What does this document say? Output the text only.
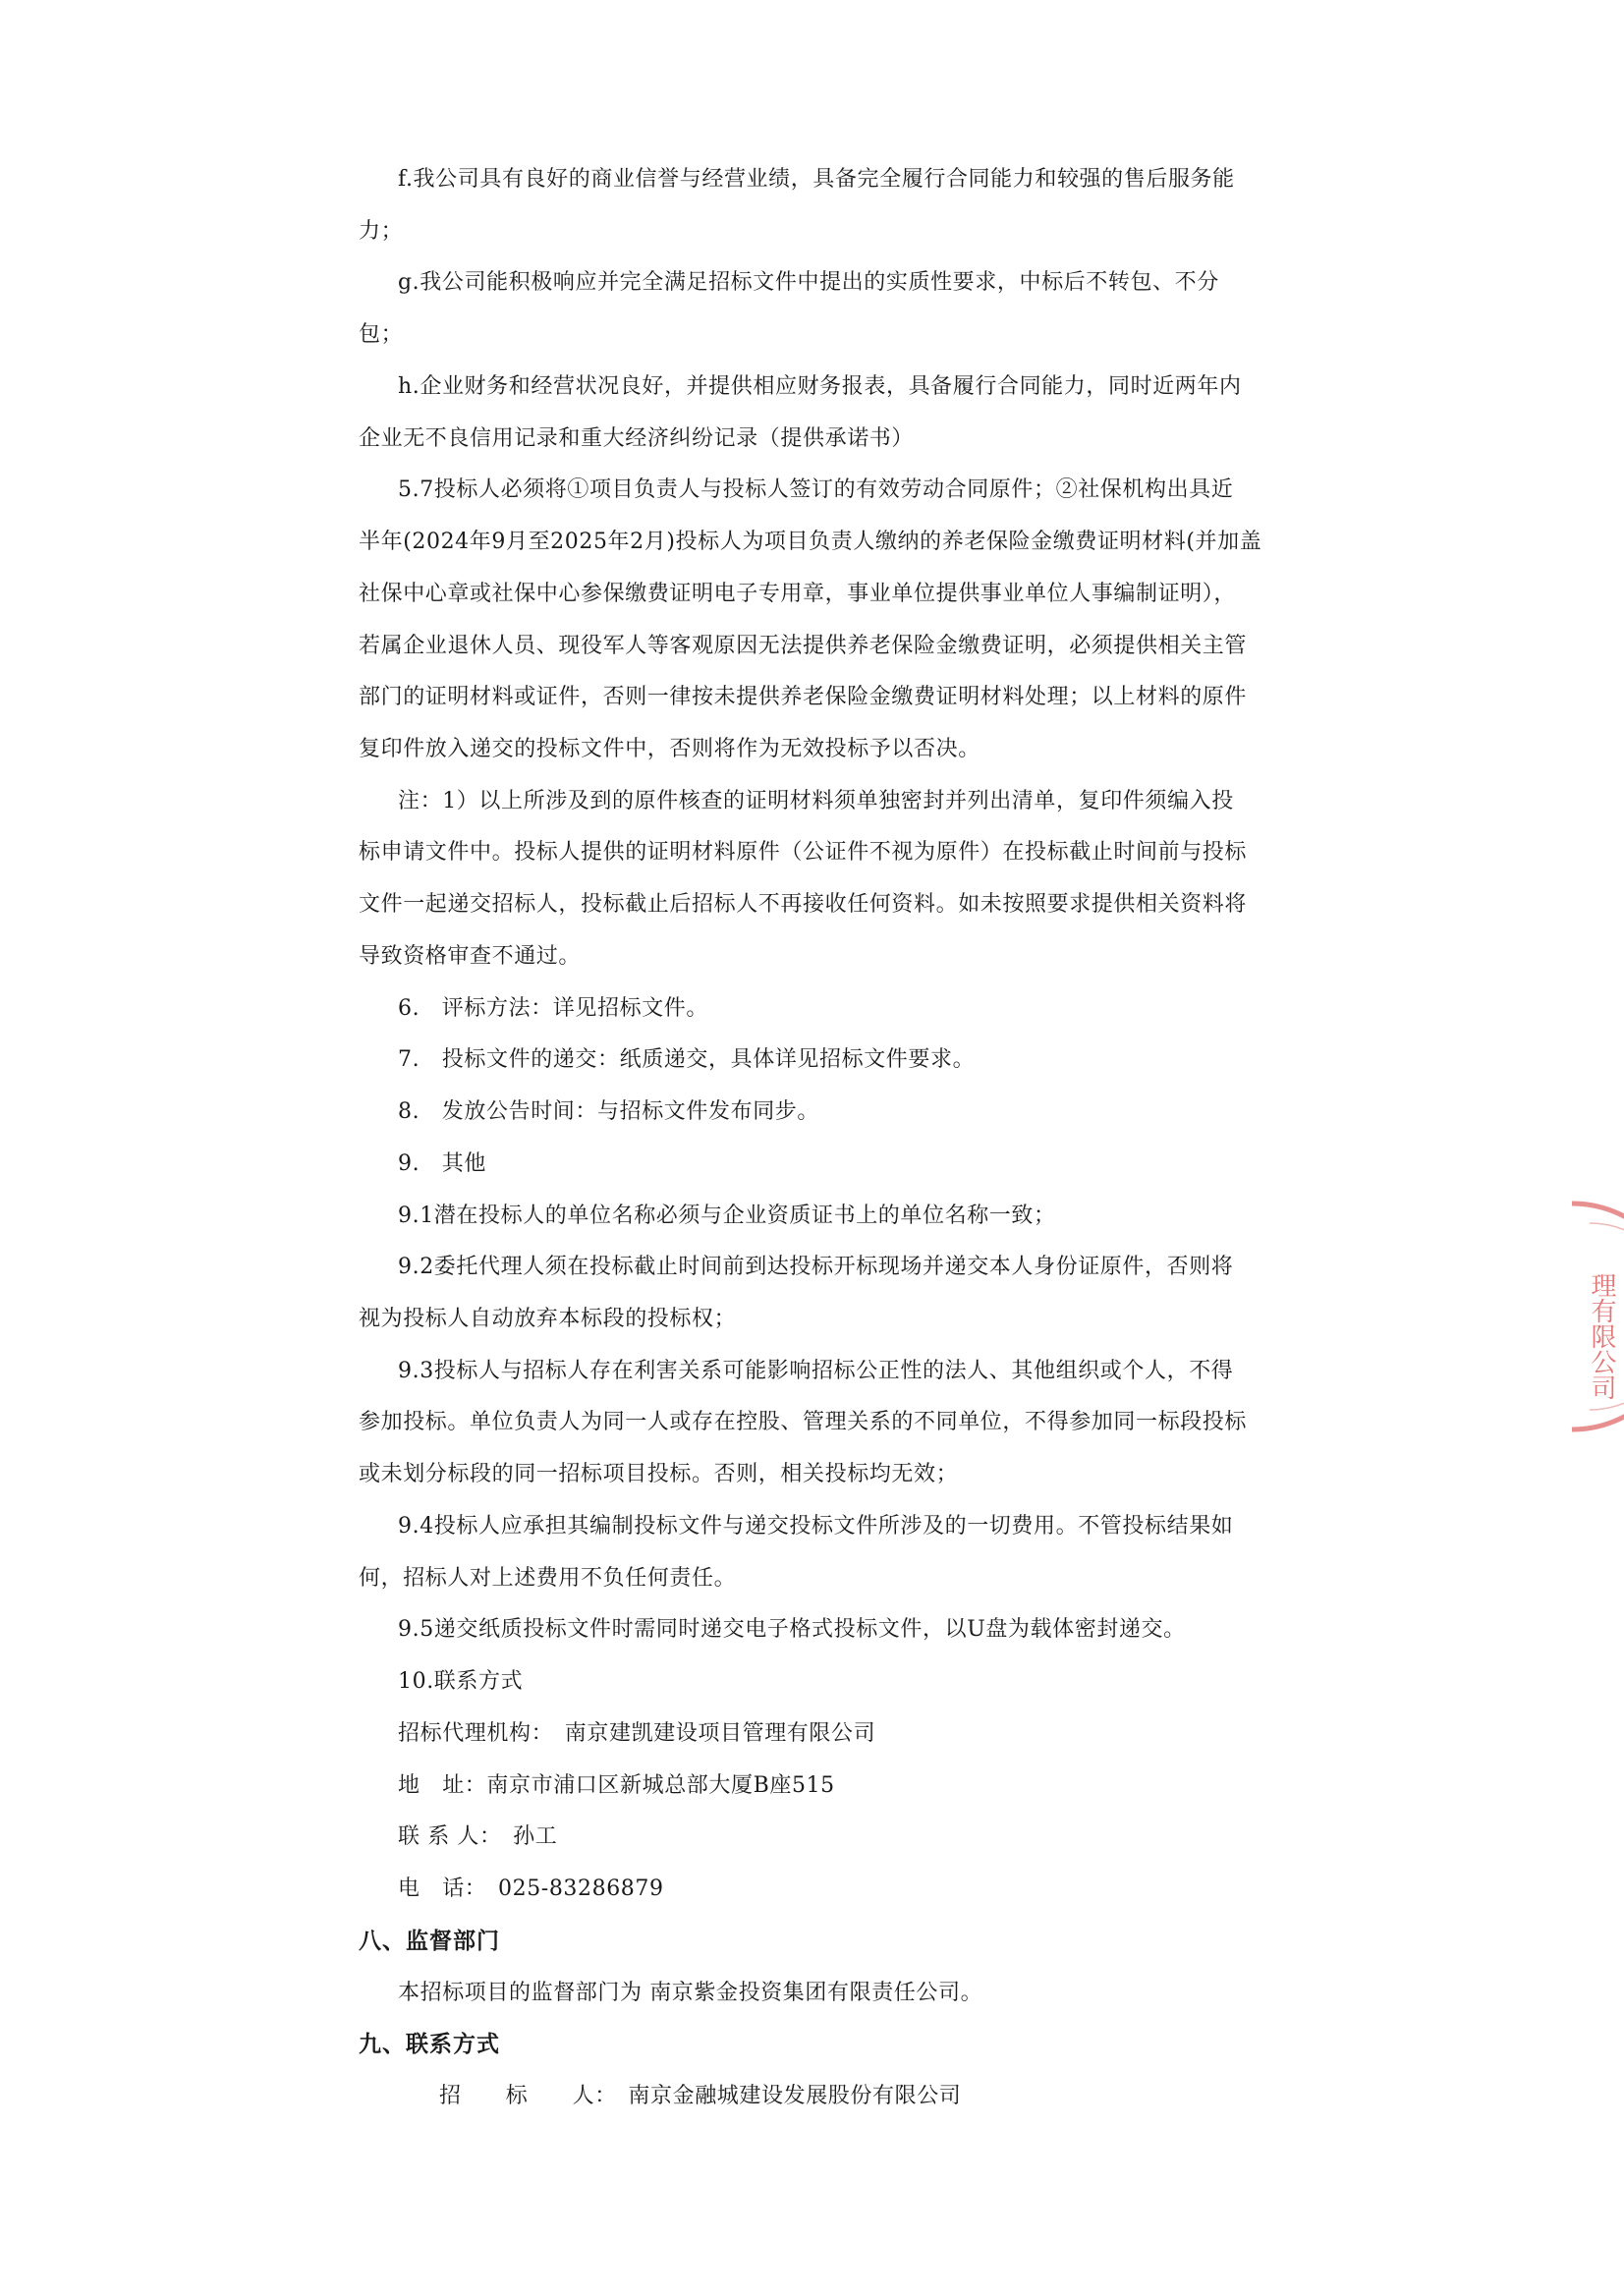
f.我公司具有良好的商业信誉与经营业绩，具备完全履行合同能力和较强的售后服务能
力；
g.我公司能积极响应并完全满足招标文件中提出的实质性要求，中标后不转包、不分
包；
h.企业财务和经营状况良好，并提供相应财务报表，具备履行合同能力，同时近两年内
企业无不良信用记录和重大经济纠纷记录（提供承诺书）
5.7投标人必须将①项目负责人与投标人签订的有效劳动合同原件；②社保机构出具近
半年(2024年9月至2025年2月)投标人为项目负责人缴纳的养老保险金缴费证明材料(并加盖
社保中心章或社保中心参保缴费证明电子专用章，事业单位提供事业单位人事编制证明），
若属企业退休人员、现役军人等客观原因无法提供养老保险金缴费证明，必须提供相关主管
部门的证明材料或证件，否则一律按未提供养老保险金缴费证明材料处理；以上材料的原件
复印件放入递交的投标文件中，否则将作为无效投标予以否决。
注：1）以上所涉及到的原件核查的证明材料须单独密封并列出清单，复印件须编入投
标申请文件中。投标人提供的证明材料原件（公证件不视为原件）在投标截止时间前与投标
文件一起递交招标人，投标截止后招标人不再接收任何资料。如未按照要求提供相关资料将
导致资格审查不通过。
6.　评标方法：详见招标文件。
7.　投标文件的递交：纸质递交，具体详见招标文件要求。
8.　发放公告时间：与招标文件发布同步。
9.　其他
9.1潜在投标人的单位名称必须与企业资质证书上的单位名称一致；
9.2委托代理人须在投标截止时间前到达投标开标现场并递交本人身份证原件，否则将
视为投标人自动放弃本标段的投标权；
9.3投标人与招标人存在利害关系可能影响招标公正性的法人、其他组织或个人，不得
参加投标。单位负责人为同一人或存在控股、管理关系的不同单位，不得参加同一标段投标
或未划分标段的同一招标项目投标。否则，相关投标均无效；
9.4投标人应承担其编制投标文件与递交投标文件所涉及的一切费用。不管投标结果如
何，招标人对上述费用不负任何责任。
9.5递交纸质投标文件时需同时递交电子格式投标文件，以U盘为载体密封递交。
10.联系方式
招标代理机构：　南京建凯建设项目管理有限公司
地　址：南京市浦口区新城总部大厦B座515
联 系 人：　孙工
电　话：　025-83286879
八、监督部门
本招标项目的监督部门为 南京紫金投资集团有限责任公司。
九、联系方式
招　　标　　人：　南京金融城建设发展股份有限公司
理有限公司
